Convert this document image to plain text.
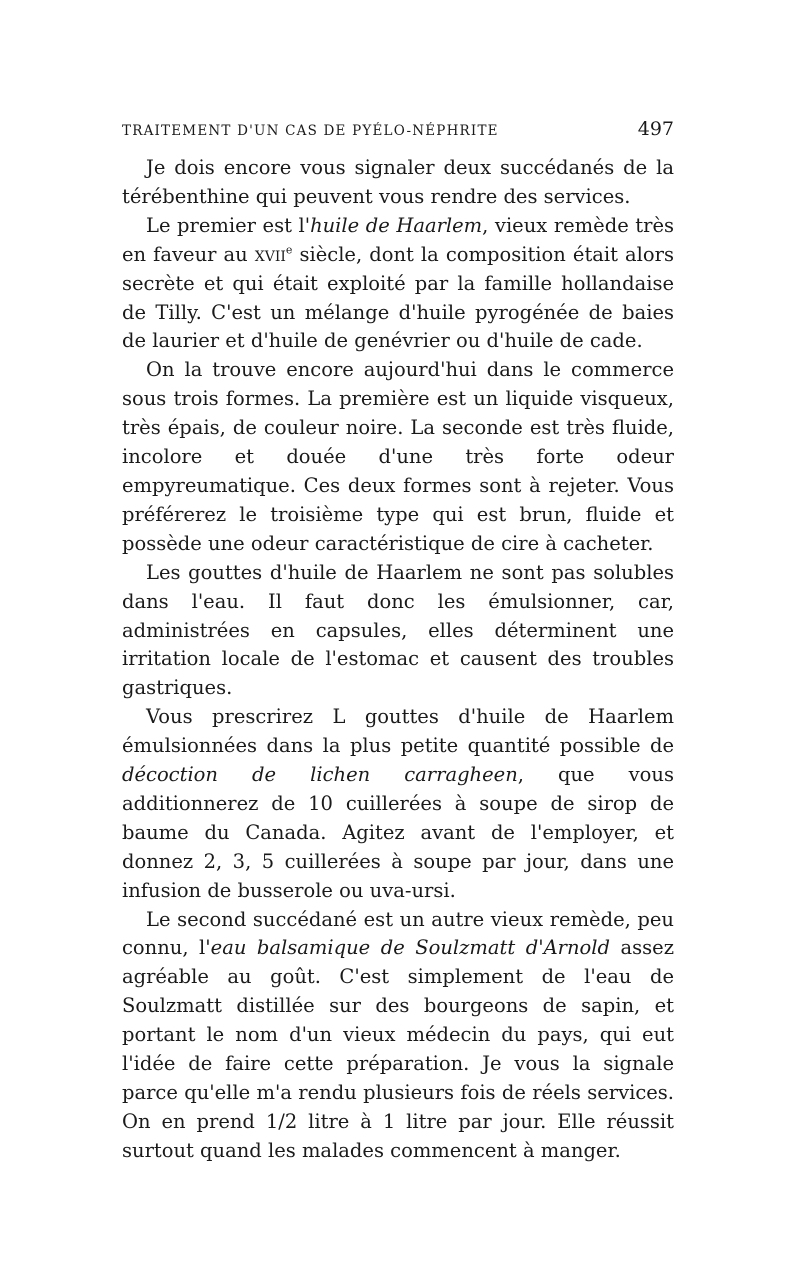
TRAITEMENT D'UN CAS DE PYÉLO-NÉPHRITE	497

Je dois encore vous signaler deux succédanés de la térébenthine qui peuvent vous rendre des services.

Le premier est l'huile de Haarlem, vieux remède très en faveur au xvii$^e$ siècle, dont la composition était alors secrète et qui était exploité par la famille hollandaise de Tilly. C'est un mélange d'huile pyrogénée de baies de laurier et d'huile de genévrier ou d'huile de cade.

On la trouve encore aujourd'hui dans le commerce sous trois formes. La première est un liquide visqueux, très épais, de couleur noire. La seconde est très fluide, incolore et douée d'une très forte odeur empyreumatique. Ces deux formes sont à rejeter. Vous préférerez le troisième type qui est brun, fluide et possède une odeur caractéristique de cire à cacheter.

Les gouttes d'huile de Haarlem ne sont pas solubles dans l'eau. Il faut donc les émulsionner, car, administrées en capsules, elles déterminent une irritation locale de l'estomac et causent des troubles gastriques.

Vous prescrirez L gouttes d'huile de Haarlem émulsionnées dans la plus petite quantité possible de décoction de lichen carragheen, que vous additionnerez de 10 cuillerées à soupe de sirop de baume du Canada. Agitez avant de l'employer, et donnez 2, 3, 5 cuillerées à soupe par jour, dans une infusion de busserole ou uva-ursi.

Le second succédané est un autre vieux remède, peu connu, l'eau balsamique de Soulzmatt d'Arnold assez agréable au goût. C'est simplement de l'eau de Soulzmatt distillée sur des bourgeons de sapin, et portant le nom d'un vieux médecin du pays, qui eut l'idée de faire cette préparation. Je vous la signale parce qu'elle m'a rendu plusieurs fois de réels services. On en prend 1/2 litre à 1 litre par jour. Elle réussit surtout quand les malades commencent à manger.
